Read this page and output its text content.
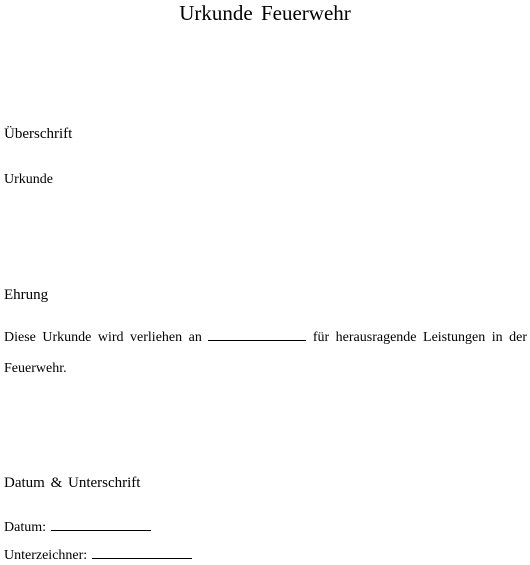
Urkunde Feuerwehr
Überschrift
Urkunde
Ehrung
Diese Urkunde wird verliehen an	für herausragende Leistungen in der Feuerwehr.
Datum & Unterschrift
Datum:
Unterzeichner:
